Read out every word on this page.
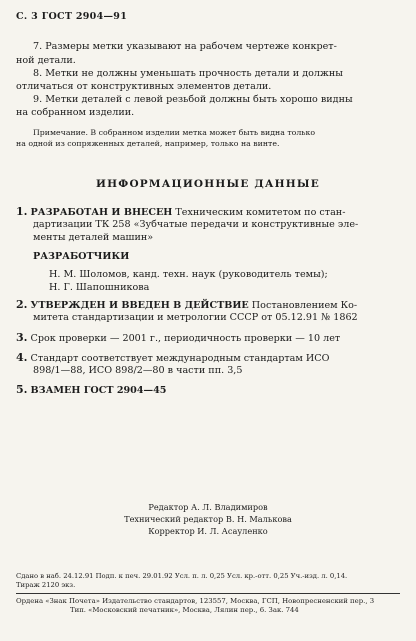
С. 3 ГОСТ 2904—91
7. Размеры метки указывают на рабочем чертеже конкрет-
ной детали.
8. Метки не должны уменьшать прочность детали и должны
отличаться от конструктивных элементов детали.
9. Метки деталей с левой резьбой должны быть хорошо видны
на собранном изделии.
Примечание. В собранном изделии метка может быть видна только
на одной из сопряженных деталей, например, только на винте.
ИНФОРМАЦИОННЫЕ ДАННЫЕ
1. РАЗРАБОТАН И ВНЕСЕН Техническим комитетом по стан-
дартизации ТК 258 «Зубчатые передачи и конструктивные эле-
менты деталей машин»
РАЗРАБОТЧИКИ
Н. М. Шоломов, канд. техн. наук (руководитель темы);
Н. Г. Шапошникова
2. УТВЕРЖДЕН И ВВЕДЕН В ДЕЙСТВИЕ Постановлением Ко-
митета стандартизации и метрологии СССР от 05.12.91 № 1862
3. Срок проверки — 2001 г., периодичность проверки — 10 лет
4. Стандарт соответствует международным стандартам ИСО
898/1—88, ИСО 898/2—80 в части пп. 3,5
5. ВЗАМЕН ГОСТ 2904—45
Редактор А. Л. Владимиров
Технический редактор В. Н. Малькова
Корректор И. Л. Асауленко
Сдано в наб. 24.12.91 Подп. к печ. 29.01.92 Усл. п. л. 0,25 Усл. кр.-отт. 0,25 Уч.-изд. л. 0,14.
Тираж 2120 экз.
Ордена «Знак Почета» Издательство стандартов, 123557, Москва, ГСП, Новопресненский пер., 3
Тип. «Московский печатник», Москва, Лялин пер., 6. Зак. 744
